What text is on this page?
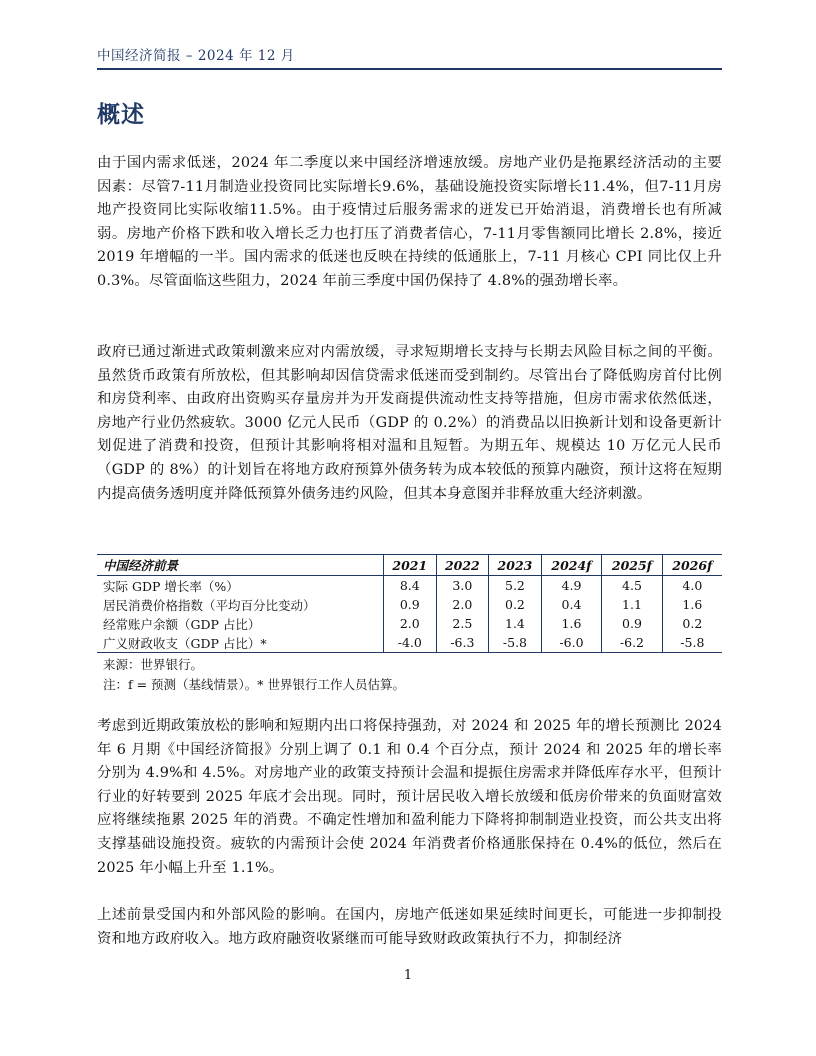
中国经济简报 – 2024 年 12 月
概述

由于国内需求低迷，2024 年二季度以来中国经济增速放缓。房地产业仍是拖累经济活动的主要因素：尽管7-11月制造业投资同比实际增长9.6%，基础设施投资实际增长11.4%，但7-11月房地产投资同比实际收缩11.5%。由于疫情过后服务需求的迸发已开始消退，消费增长也有所减弱。房地产价格下跌和收入增长乏力也打压了消费者信心，7-11月零售额同比增长 2.8%，接近 2019 年增幅的一半。国内需求的低迷也反映在持续的低通胀上，7-11 月核心 CPI 同比仅上升 0.3%。尽管面临这些阻力，2024 年前三季度中国仍保持了 4.8%的强劲增长率。

政府已通过渐进式政策刺激来应对内需放缓，寻求短期增长支持与长期去风险目标之间的平衡。虽然货币政策有所放松，但其影响却因信贷需求低迷而受到制约。尽管出台了降低购房首付比例和房贷利率、由政府出资购买存量房并为开发商提供流动性支持等措施，但房市需求依然低迷，房地产行业仍然疲软。3000 亿元人民币（GDP 的 0.2%）的消费品以旧换新计划和设备更新计划促进了消费和投资，但预计其影响将相对温和且短暂。为期五年、规模达 10 万亿元人民币（GDP 的 8%）的计划旨在将地方政府预算外债务转为成本较低的预算内融资，预计这将在短期内提高债务透明度并降低预算外债务违约风险，但其本身意图并非释放重大经济刺激。

中国经济前景	2021	2022	2023	2024f	2025f	2026f
实际 GDP 增长率（%）	8.4	3.0	5.2	4.9	4.5	4.0
居民消费价格指数（平均百分比变动）	0.9	2.0	0.2	0.4	1.1	1.6
经常账户余额（GDP 占比）	2.0	2.5	1.4	1.6	0.9	0.2
广义财政收支（GDP 占比）*	-4.0	-6.3	-5.8	-6.0	-6.2	-5.8
来源：世界银行。
注：f = 预测（基线情景）。* 世界银行工作人员估算。

考虑到近期政策放松的影响和短期内出口将保持强劲，对 2024 和 2025 年的增长预测比 2024 年 6 月期《中国经济简报》分别上调了 0.1 和 0.4 个百分点，预计 2024 和 2025 年的增长率分别为 4.9%和 4.5%。对房地产业的政策支持预计会温和提振住房需求并降低库存水平，但预计行业的好转要到 2025 年底才会出现。同时，预计居民收入增长放缓和低房价带来的负面财富效应将继续拖累 2025 年的消费。不确定性增加和盈利能力下降将抑制制造业投资，而公共支出将支撑基础设施投资。疲软的内需预计会使 2024 年消费者价格通胀保持在 0.4%的低位，然后在 2025 年小幅上升至 1.1%。

上述前景受国内和外部风险的影响。在国内，房地产低迷如果延续时间更长，可能进一步抑制投资和地方政府收入。地方政府融资收紧继而可能导致财政政策执行不力，抑制经济

1
